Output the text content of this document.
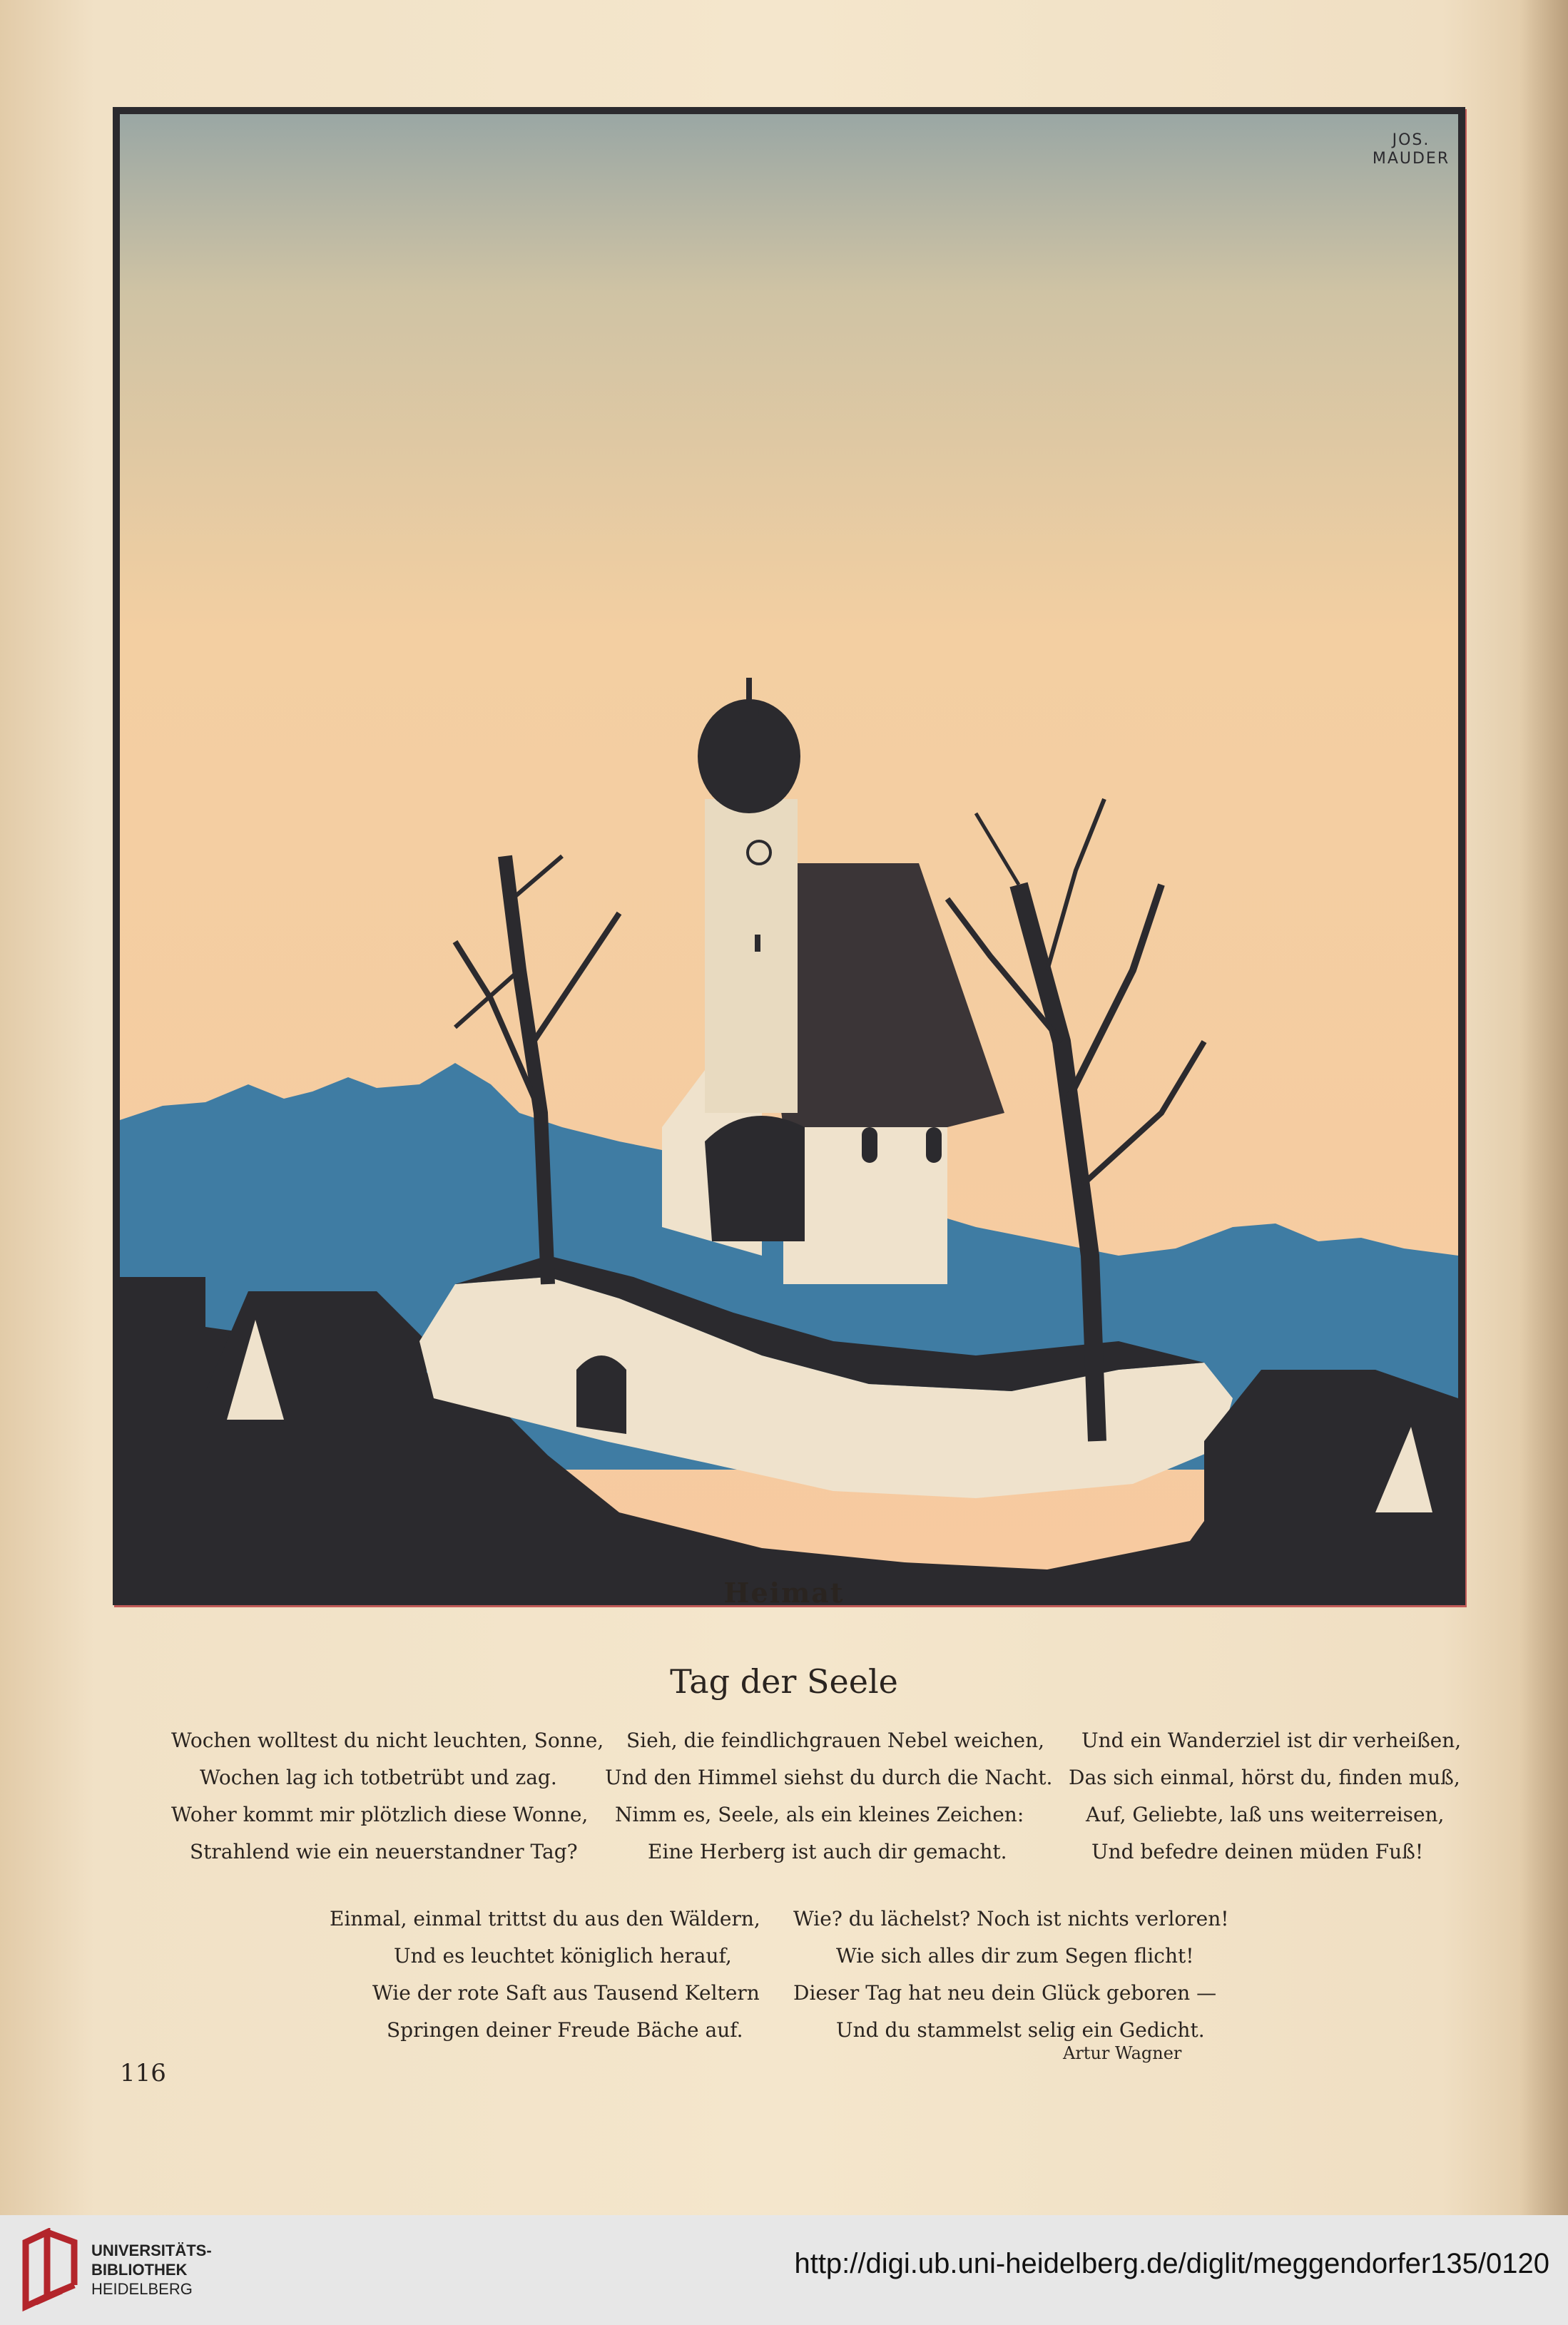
JOS.
MAUDER
Heimat
Tag der Seele
Wochen wolltest du nicht leuchten, Sonne,
Wochen lag ich totbetrübt und zag.
Woher kommt mir plötzlich diese Wonne,
Strahlend wie ein neuerstandner Tag?
Sieh, die feindlichgrauen Nebel weichen,
Und den Himmel siehst du durch die Nacht.
Nimm es, Seele, als ein kleines Zeichen:
Eine Herberg ist auch dir gemacht.
Und ein Wanderziel ist dir verheißen,
Das sich einmal, hörst du, finden muß,
Auf, Geliebte, laß uns weiterreisen,
Und befedre deinen müden Fuß!
Einmal, einmal trittst du aus den Wäldern,
Und es leuchtet königlich herauf,
Wie der rote Saft aus Tausend Keltern
Springen deiner Freude Bäche auf.
Wie? du lächelst? Noch ist nichts verloren!
Wie sich alles dir zum Segen flicht!
Dieser Tag hat neu dein Glück geboren —
Und du stammelst selig ein Gedicht.
Artur Wagner
116
UNIVERSITÄTS-
BIBLIOTHEK
HEIDELBERG
http://digi.ub.uni-heidelberg.de/diglit/meggendorfer135/0120
